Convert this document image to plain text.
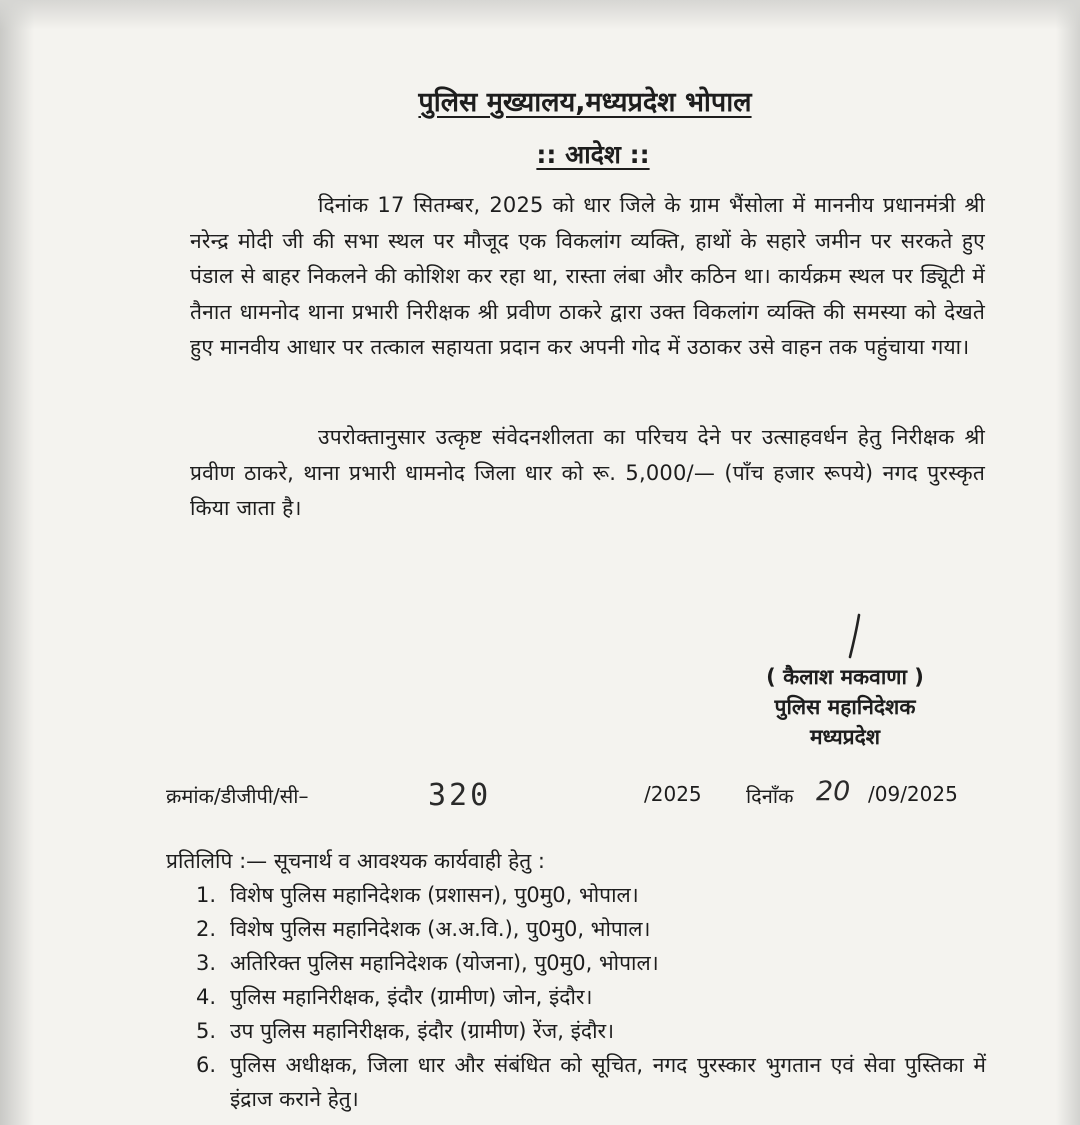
पुलिस मुख्यालय,मध्यप्रदेश भोपाल
:: आदेश ::

दिनांक 17 सितम्बर, 2025 को धार जिले के ग्राम भैंसोला में माननीय प्रधानमंत्री श्री नरेन्द्र मोदी जी की सभा स्थल पर मौजूद एक विकलांग व्यक्ति, हाथों के सहारे जमीन पर सरकते हुए पंडाल से बाहर निकलने की कोशिश कर रहा था, रास्ता लंबा और कठिन था। कार्यक्रम स्थल पर ड्यिूटी में तैनात धामनोद थाना प्रभारी निरीक्षक श्री प्रवीण ठाकरे द्वारा उक्त विकलांग व्यक्ति की समस्या को देखते हुए मानवीय आधार पर तत्काल सहायता प्रदान कर अपनी गोद में उठाकर उसे वाहन तक पहुंचाया गया।

उपरोक्तानुसार उत्कृष्ट संवेदनशीलता का परिचय देने पर उत्साहवर्धन हेतु निरीक्षक श्री प्रवीण ठाकरे, थाना प्रभारी धामनोद जिला धार को रू. 5,000/— (पाँच हजार रूपये) नगद पुरस्कृत किया जाता है।

( कैलाश मकवाणा )
पुलिस महानिदेशक
मध्यप्रदेश
क्रमांक/डीजीपी/सी–	320	/2025 दिनाँक 20 /09/2025
प्रतिलिपि :— सूचनार्थ व आवश्यक कार्यवाही हेतु :
1. विशेष पुलिस महानिदेशक (प्रशासन), पु0मु0, भोपाल।
2. विशेष पुलिस महानिदेशक (अ.अ.वि.), पु0मु0, भोपाल।
3. अतिरिक्त पुलिस महानिदेशक (योजना), पु0मु0, भोपाल।
4. पुलिस महानिरीक्षक, इंदौर (ग्रामीण) जोन, इंदौर।
5. उप पुलिस महानिरीक्षक, इंदौर (ग्रामीण) रेंज, इंदौर।
6. पुलिस अधीक्षक, जिला धार और संबंधित को सूचित, नगद पुरस्कार भुगतान एवं सेवा पुस्तिका में इंद्राज कराने हेतु।
